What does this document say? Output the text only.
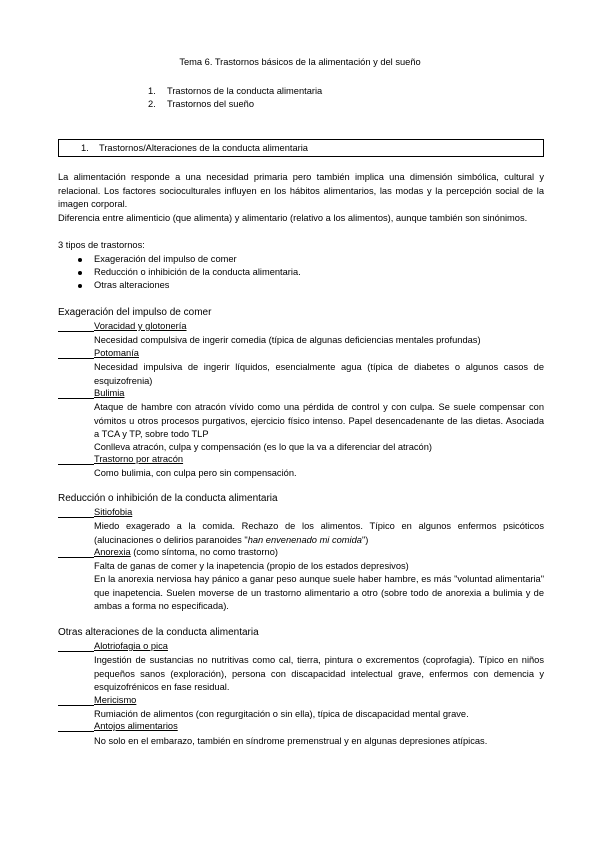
Tema 6. Trastornos básicos de la alimentación y del sueño
1. Trastornos de la conducta alimentaria
2. Trastornos del sueño
1. Trastornos/Alteraciones de la conducta alimentaria
La alimentación responde a una necesidad primaria pero también implica una dimensión simbólica, cultural y relacional. Los factores socioculturales influyen en los hábitos alimentarios, las modas y la percepción social de la imagen corporal.
Diferencia entre alimenticio (que alimenta) y alimentario (relativo a los alimentos), aunque también son sinónimos.
3 tipos de trastornos:
Exageración del impulso de comer
Reducción o inhibición de la conducta alimentaria.
Otras alteraciones
Exageración del impulso de comer
Voracidad y glotonería
Necesidad compulsiva de ingerir comedia (típica de algunas deficiencias mentales profundas)
Potomanía
Necesidad impulsiva de ingerir líquidos, esencialmente agua (típica de diabetes o algunos casos de esquizofrenia)
Bulimia
Ataque de hambre con atracón vívido como una pérdida de control y con culpa. Se suele compensar con vómitos u otros procesos purgativos, ejercicio físico intenso. Papel desencadenante de las dietas. Asociada a TCA y TP, sobre todo TLP
Conlleva atracón, culpa y compensación (es lo que la va a diferenciar del atracón)
Trastorno por atracón
Como bulimia, con culpa pero sin compensación.
Reducción o inhibición de la conducta alimentaria
Sitiofobia
Miedo exagerado a la comida. Rechazo de los alimentos. Típico en algunos enfermos psicóticos (alucinaciones o delirios paranoides "han envenenado mi comida")
Anorexia (como síntoma, no como trastorno)
Falta de ganas de comer y la inapetencia (propio de los estados depresivos)
En la anorexia nerviosa hay pánico a ganar peso aunque suele haber hambre, es más "voluntad alimentaria" que inapetencia. Suelen moverse de un trastorno alimentario a otro (sobre todo de anorexia a bulimia y de ambas a forma no especificada).
Otras alteraciones de la conducta alimentaria
Alotriofagia o pica
Ingestión de sustancias no nutritivas como cal, tierra, pintura o excrementos (coprofagia). Típico en niños pequeños sanos (exploración), persona con discapacidad intelectual grave, enfermos con demencia y esquizofrénicos en fase residual.
Mericismo
Rumiación de alimentos (con regurgitación o sin ella), típica de discapacidad mental grave.
Antojos alimentarios
No solo en el embarazo, también en síndrome premenstrual y en algunas depresiones atípicas.
